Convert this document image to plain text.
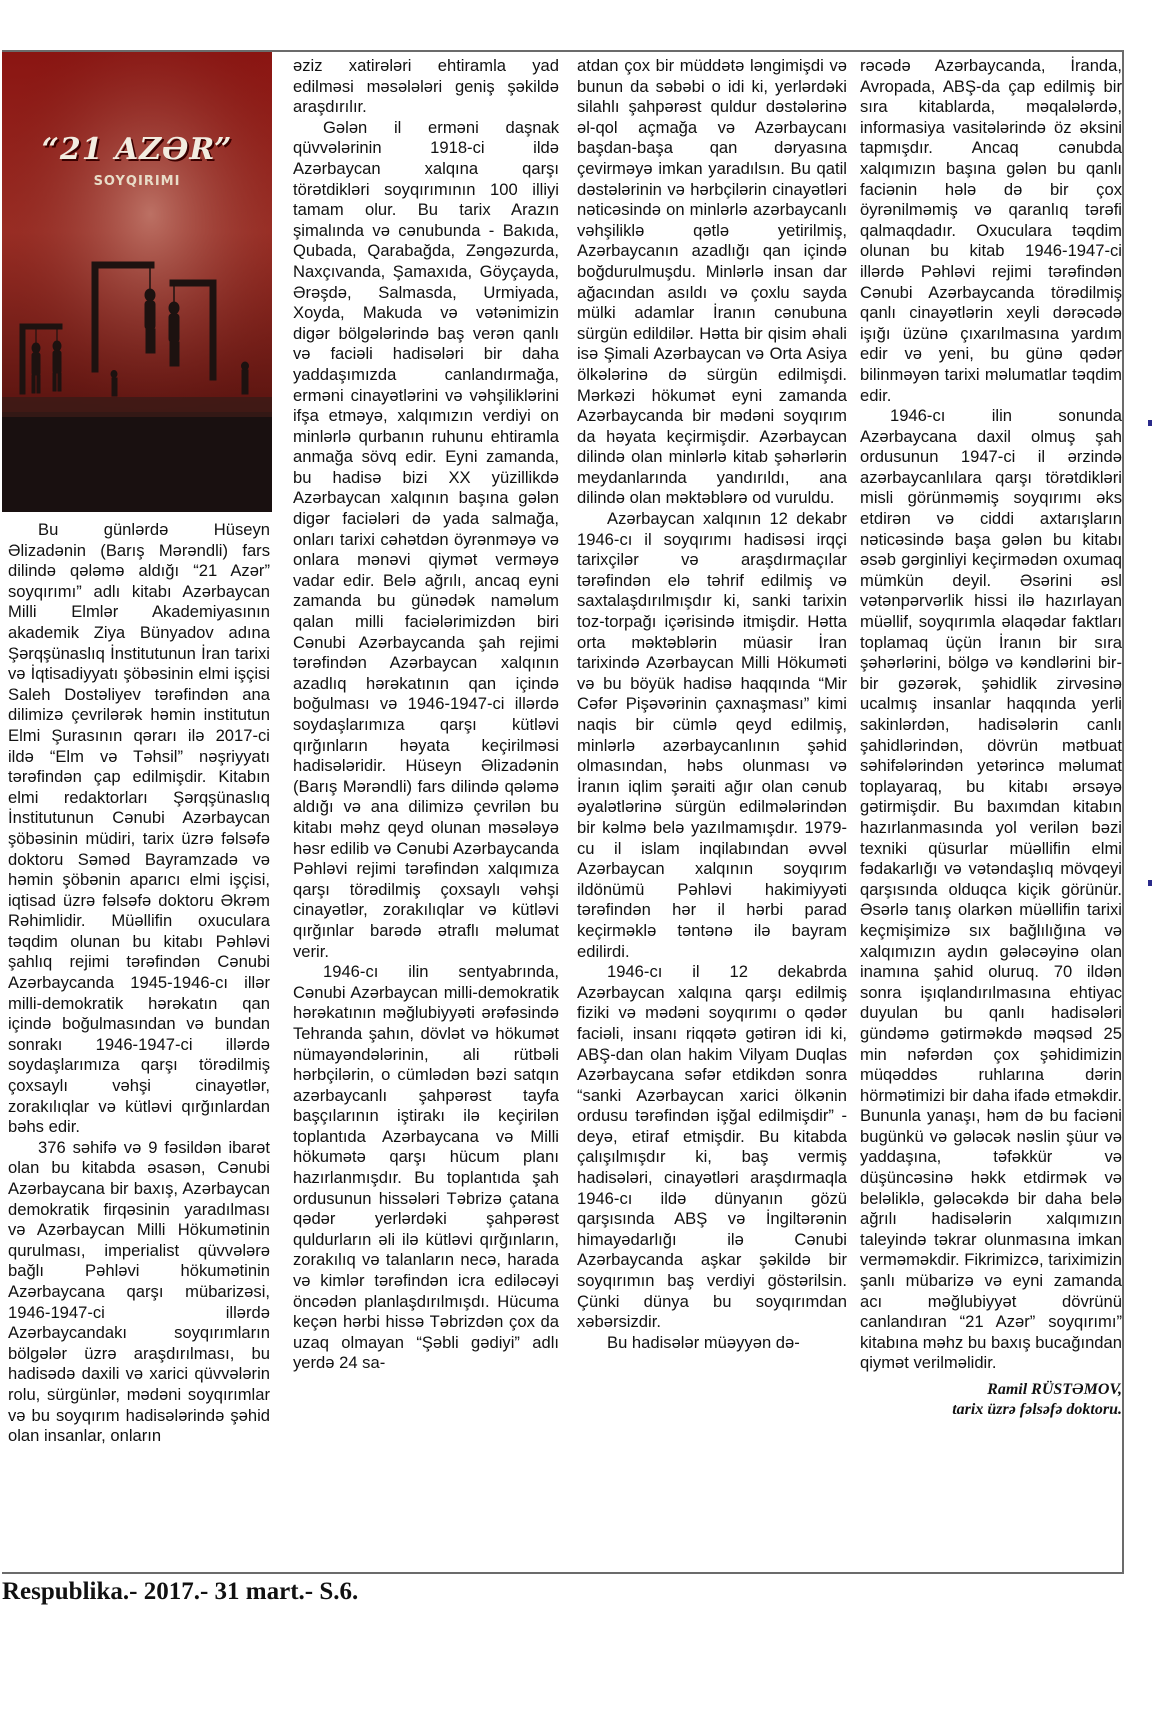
“21 AZƏR”
SOYQIRIMI

Bu günlərdə Hüseyn Əlizadənin (Barış Mərəndli) fars dilində qələmə aldığı “21 Azər” soyqırımı” adlı kitabı Azərbaycan Milli Elmlər Akademiyasının akademik Ziya Bünyadov adına Şərqşünaslıq İnstitutunun İran tarixi və İqtisadiyyatı şöbəsinin elmi işçisi Saleh Dostəliyev tərəfindən ana dilimizə çevrilərək həmin institutun Elmi Şurasının qərarı ilə 2017-ci ildə “Elm və Təhsil” nəşriyyatı tərəfindən çap edilmişdir. Kitabın elmi redaktorları Şərqşünaslıq İnstitutunun Cənubi Azərbaycan şöbəsinin müdiri, tarix üzrə fəlsəfə doktoru Səməd Bayramzadə və həmin şöbənin aparıcı elmi işçisi, iqtisad üzrə fəlsəfə doktoru Əkrəm Rəhimlidir. Müəllifin oxuculara təqdim olunan bu kitabı Pəhləvi şahlıq rejimi tərəfindən Cənubi Azərbaycanda 1945-1946-cı illər milli-demokratik hərəkatın qan içində boğulmasından və bundan sonrakı 1946-1947-ci illərdə soydaşlarımıza qarşı törədilmiş çoxsaylı vəhşi cinayətlər, zorakılıqlar və kütləvi qırğınlardan bəhs edir.

376 səhifə və 9 fəsildən ibarət olan bu kitabda əsasən, Cənubi Azərbaycana bir baxış, Azərbaycan demokratik firqəsinin yaradılması və Azərbaycan Milli Hökumətinin qurulması, imperialist qüvvələrə bağlı Pəhləvi hökumətinin Azərbaycana qarşı mübarizəsi, 1946-1947-ci illərdə Azərbaycandakı soyqırımların bölgələr üzrə araşdırılması, bu hadisədə daxili və xarici qüvvələrin rolu, sürgünlər, mədəni soyqırımlar və bu soyqırım hadisələrində şəhid olan insanlar, onların

əziz xatirələri ehtiramla yad edilməsi məsələləri geniş şəkildə araşdırılır.

Gələn il erməni daşnak qüvvələrinin 1918-ci ildə Azərbaycan xalqına qarşı törətdikləri soyqırımının 100 illiyi tamam olur. Bu tarix Arazın şimalında və cənubunda - Bakıda, Qubada, Qarabağda, Zəngəzurda, Naxçıvanda, Şamaxıda, Göyçayda, Ərəşdə, Salmasda, Urmiyada, Xoyda, Makuda və vətənimizin digər bölgələrində baş verən qanlı və faciəli hadisələri bir daha yaddaşımızda canlandırmağa, erməni cinayətlərini və vəhşiliklərini ifşa etməyə, xalqımızın verdiyi on minlərlə qurbanın ruhunu ehtiramla anmağa sövq edir. Eyni zamanda, bu hadisə bizi XX yüzillikdə Azərbaycan xalqının başına gələn digər faciələri də yada salmağa, onları tarixi cəhətdən öyrənməyə və onlara mənəvi qiymət verməyə vadar edir. Belə ağrılı, ancaq eyni zamanda bu günədək naməlum qalan milli faciələrimizdən biri Cənubi Azərbaycanda şah rejimi tərəfindən Azərbaycan xalqının azadlıq hərəkatının qan içində boğulması və 1946-1947-ci illərdə soydaşlarımıza qarşı kütləvi qırğınların həyata keçirilməsi hadisələridir. Hüseyn Əlizadənin (Barış Mərəndli) fars dilində qələmə aldığı və ana dilimizə çevrilən bu kitabı məhz qeyd olunan məsələyə həsr edilib və Cənubi Azərbaycanda Pəhləvi rejimi tərəfindən xalqımıza qarşı törədilmiş çoxsaylı vəhşi cinayətlər, zorakılıqlar və kütləvi qırğınlar barədə ətraflı məlumat verir.

1946-cı ilin sentyabrında, Cənubi Azərbaycan milli-demokratik hərəkatının məğlubiyyəti ərəfəsində Tehranda şahın, dövlət və hökumət nümayəndələrinin, ali rütbəli hərbçilərin, o cümlədən bəzi satqın azərbaycanlı şahpərəst tayfa başçılarının iştirakı ilə keçirilən toplantıda Azərbaycana və Milli hökumətə qarşı hücum planı hazırlanmışdır. Bu toplantıda şah ordusunun hissələri Təbrizə çatana qədər yerlərdəki şahpərəst quldurların əli ilə kütləvi qırğınların, zorakılıq və talanların necə, harada və kimlər tərəfindən icra ediləcəyi öncədən planlaşdırılmışdı. Hücuma keçən hərbi hissə Təbrizdən çox da uzaq olmayan “Şəbli gədiyi” adlı yerdə 24 sa-

atdan çox bir müddətə ləngimişdi və bunun da səbəbi o idi ki, yerlərdəki silahlı şahpərəst quldur dəstələrinə əl-qol açmağa və Azərbaycanı başdan-başa qan dəryasına çevirməyə imkan yaradılsın. Bu qatil dəstələrinin və hərbçilərin cinayətləri nəticəsində on minlərlə azərbaycanlı vəhşiliklə qətlə yetirilmiş, Azərbaycanın azadlığı qan içində boğdurulmuşdu. Minlərlə insan dar ağacından asıldı və çoxlu sayda mülki adamlar İranın cənubuna sürgün edildilər. Hətta bir qisim əhali isə Şimali Azərbaycan və Orta Asiya ölkələrinə də sürgün edilmişdi. Mərkəzi hökumət eyni zamanda Azərbaycanda bir mədəni soyqırım da həyata keçirmişdir. Azərbaycan dilində olan minlərlə kitab şəhərlərin meydanlarında yandırıldı, ana dilində olan məktəblərə od vuruldu.

Azərbaycan xalqının 12 dekabr 1946-cı il soyqırımı hadisəsi irqçi tarixçilər və araşdırmaçılar tərəfindən elə təhrif edilmiş və saxtalaşdırılmışdır ki, sanki tarixin toz-torpağı içərisində itmişdir. Hətta orta məktəblərin müasir İran tarixində Azərbaycan Milli Hökuməti və bu böyük hadisə haqqında “Mir Cəfər Pişəvərinin çaxnaşması” kimi naqis bir cümlə qeyd edilmiş, minlərlə azərbaycanlının şəhid olmasından, həbs olunması və İranın iqlim şəraiti ağır olan cənub əyalətlərinə sürgün edilmələrindən bir kəlmə belə yazılmamışdır. 1979-cu il islam inqilabından əvvəl Azərbaycan xalqının soyqırım ildönümü Pəhləvi hakimiyyəti tərəfindən hər il hərbi parad keçirməklə təntənə ilə bayram edilirdi.

1946-cı il 12 dekabrda Azərbaycan xalqına qarşı edilmiş fiziki və mədəni soyqırımı o qədər faciəli, insanı riqqətə gətirən idi ki, ABŞ-dan olan hakim Vilyam Duqlas Azərbaycana səfər etdikdən sonra “sanki Azərbaycan xarici ölkənin ordusu tərəfindən işğal edilmişdir” - deyə, etiraf etmişdir. Bu kitabda çalışılmışdır ki, baş vermiş hadisələri, cinayətləri araşdırmaqla 1946-cı ildə dünyanın gözü qarşısında ABŞ və İngiltərənin himayədarlığı ilə Cənubi Azərbaycanda aşkar şəkildə bir soyqırımın baş verdiyi göstərilsin. Çünki dünya bu soyqırımdan xəbərsizdir.

Bu hadisələr müəyyən də-

rəcədə Azərbaycanda, İranda, Avropada, ABŞ-da çap edilmiş bir sıra kitablarda, məqalələrdə, informasiya vasitələrində öz əksini tapmışdır. Ancaq cənubda xalqımızın başına gələn bu qanlı faciənin hələ də bir çox öyrənilməmiş və qaranlıq tərəfi qalmaqdadır. Oxuculara təqdim olunan bu kitab 1946-1947-ci illərdə Pəhləvi rejimi tərəfindən Cənubi Azərbaycanda törədilmiş qanlı cinayətlərin xeyli dərəcədə işığı üzünə çıxarılmasına yardım edir və yeni, bu günə qədər bilinməyən tarixi məlumatlar təqdim edir.

1946-cı ilin sonunda Azərbaycana daxil olmuş şah ordusunun 1947-ci il ərzində azərbaycanlılara qarşı törətdikləri misli görünməmiş soyqırımı əks etdirən və ciddi axtarışların nəticəsində başa gələn bu kitabı əsəb gərginliyi keçirmədən oxumaq mümkün deyil. Əsərini əsl vətənpərvərlik hissi ilə hazırlayan müəllif, soyqırımla əlaqədar faktları toplamaq üçün İranın bir sıra şəhərlərini, bölgə və kəndlərini bir-bir gəzərək, şəhidlik zirvəsinə ucalmış insanlar haqqında yerli sakinlərdən, hadisələrin canlı şahidlərindən, dövrün mətbuat səhifələrindən yetərincə məlumat toplayaraq, bu kitabı ərsəyə gətirmişdir. Bu baxımdan kitabın hazırlanmasında yol verilən bəzi texniki qüsurlar müəllifin elmi fədakarlığı və vətəndaşlıq mövqeyi qarşısında olduqca kiçik görünür. Əsərlə tanış olarkən müəllifin tarixi keçmişimizə sıx bağlılığına və xalqımızın aydın gələcəyinə olan inamına şahid oluruq. 70 ildən sonra işıqlandırılmasına ehtiyac duyulan bu qanlı hadisələri gündəmə gətirməkdə məqsəd 25 min nəfərdən çox şəhidimizin müqəddəs ruhlarına dərin hörmətimizi bir daha ifadə etməkdir. Bununla yanaşı, həm də bu faciəni bugünkü və gələcək nəslin şüur və yaddaşına, təfəkkür və düşüncəsinə həkk etdirmək və beləliklə, gələcəkdə bir daha belə ağrılı hadisələrin xalqımızın taleyində təkrar olunmasına imkan verməməkdir. Fikrimizcə, tariximizin şanlı mübarizə və eyni zamanda acı məğlubiyyət dövrünü canlandıran “21 Azər” soyqırımı” kitabına məhz bu baxış bucağından qiymət verilməlidir.

Ramil RÜSTƏMOV,
tarix üzrə fəlsəfə doktoru.
Respublika.- 2017.- 31 mart.- S.6.
